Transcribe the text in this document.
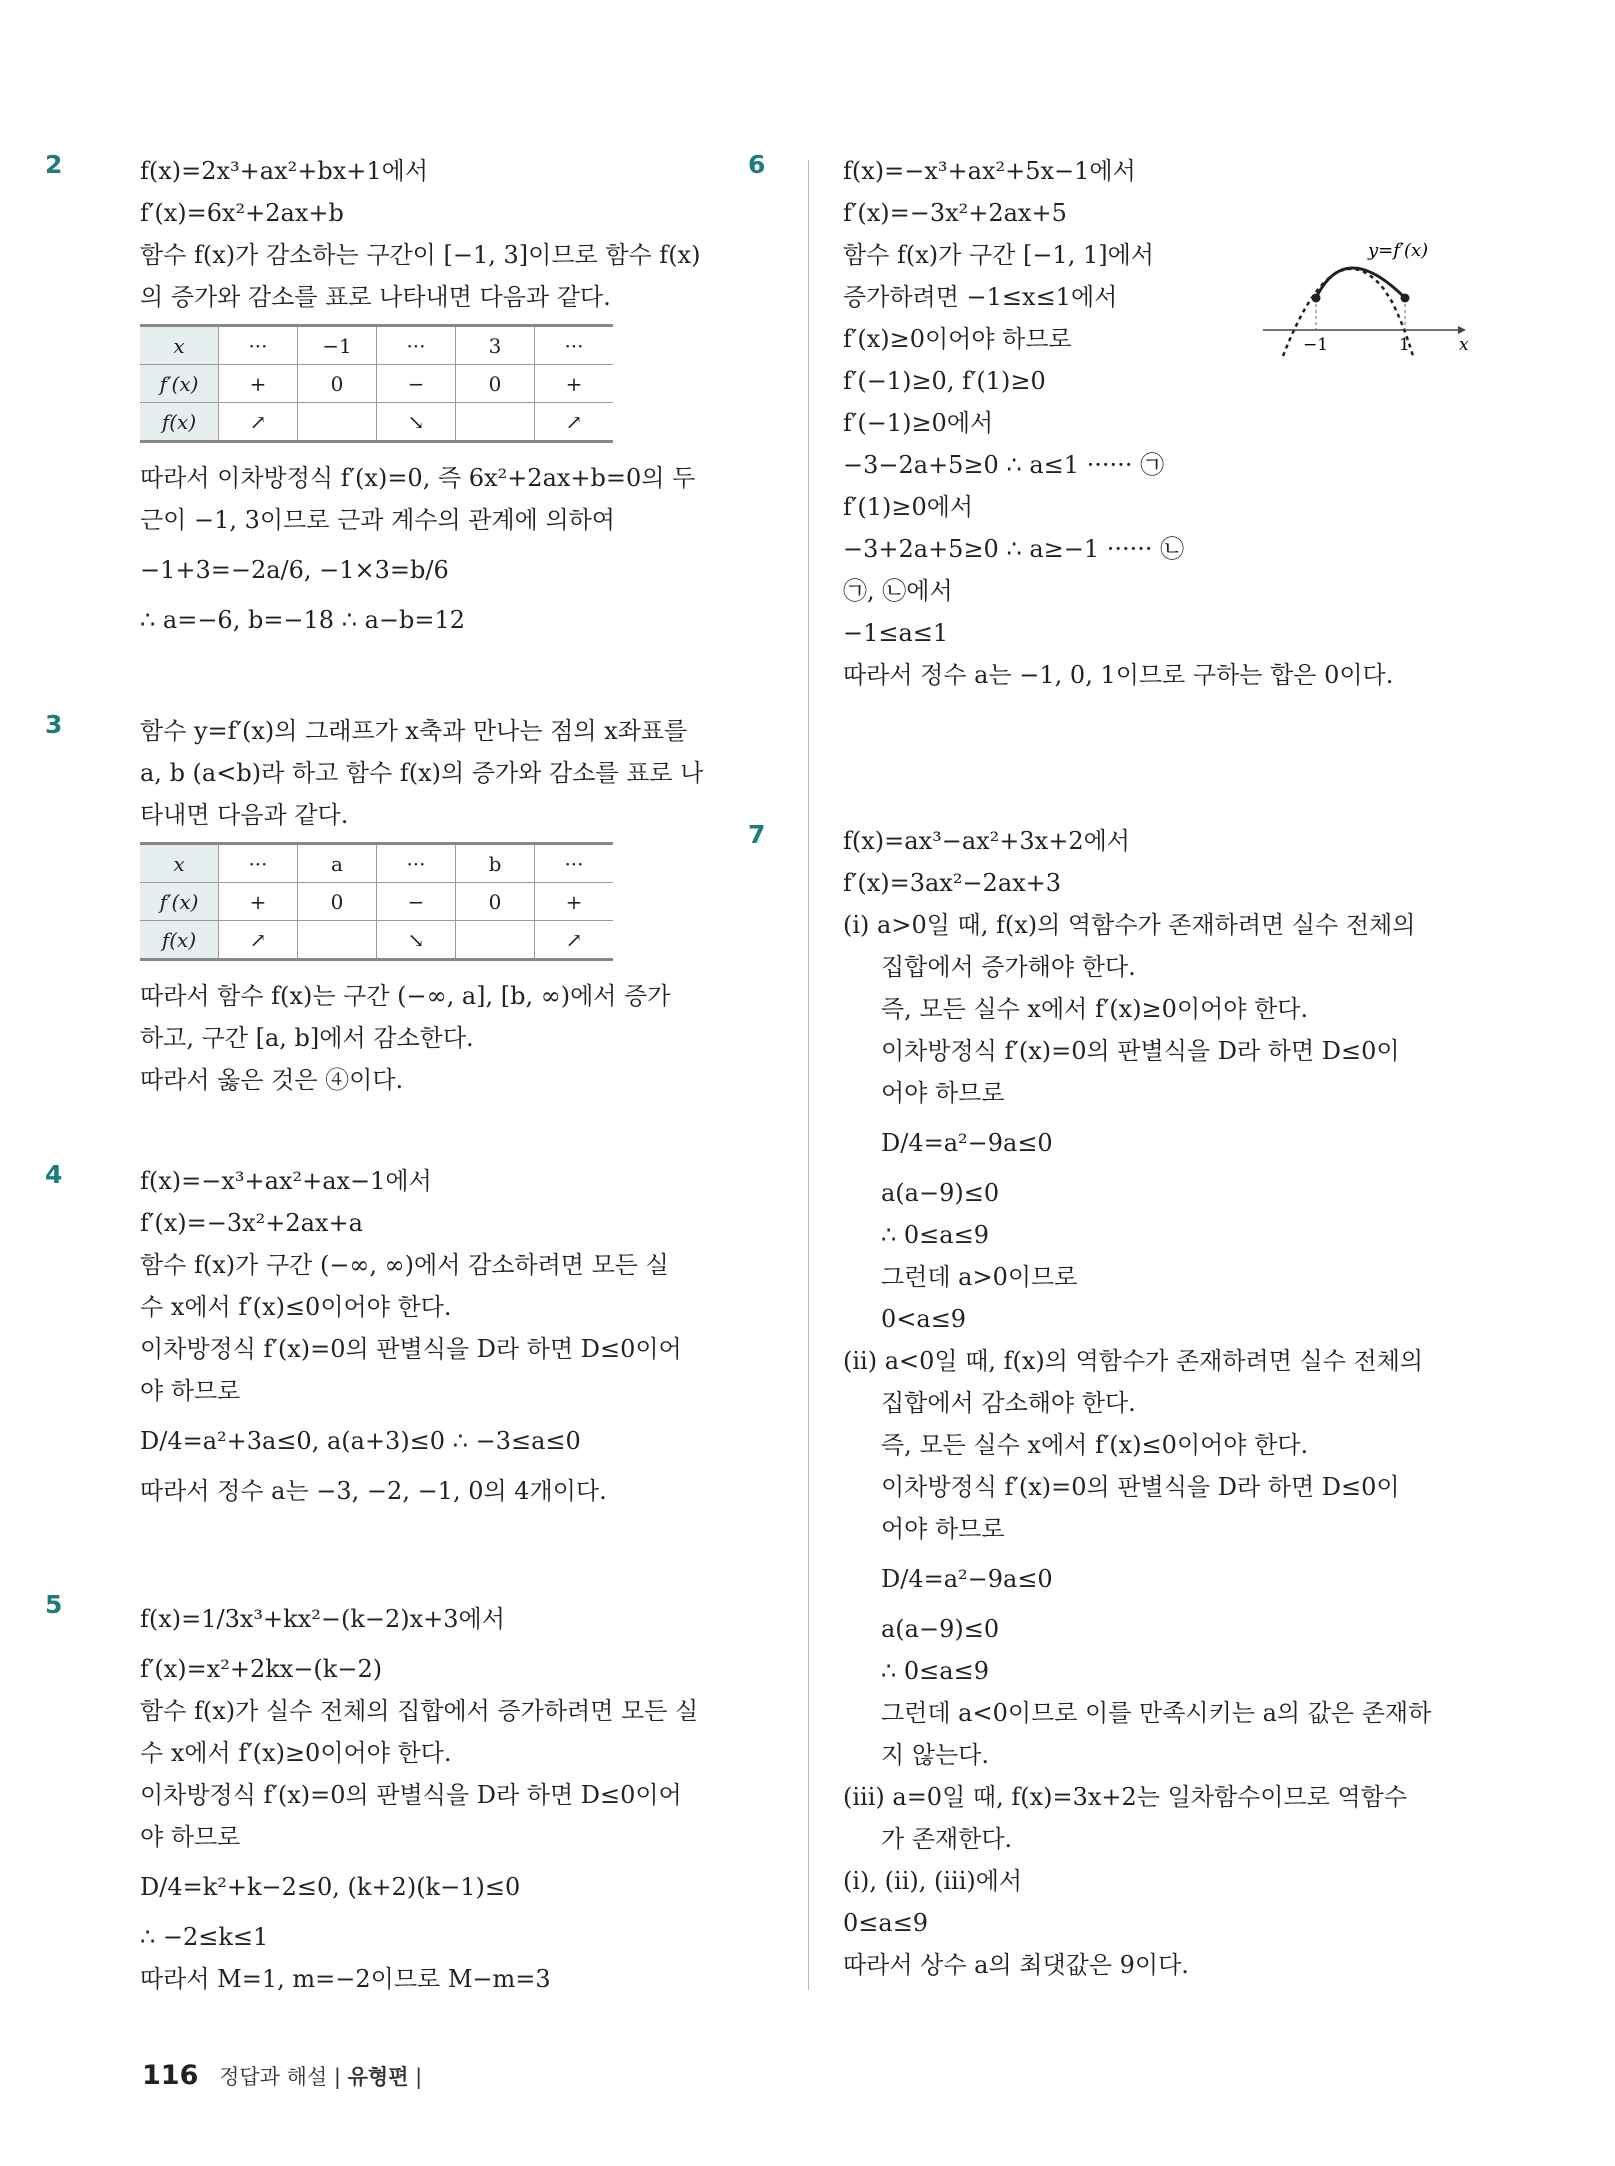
2	f(x)=2x³+ax²+bx+1에서
f′(x)=6x²+2ax+b
함수 f(x)가 감소하는 구간이 [−1, 3]이므로 함수 f(x)
의 증가와 감소를 표로 나타내면 다음과 같다.
x	···	−1	···	3	···
f′(x)	+	0	−	0	+
f(x)	↗		↘		↗
따라서 이차방정식 f′(x)=0, 즉 6x²+2ax+b=0의 두
근이 −1, 3이므로 근과 계수의 관계에 의하여
−1+3=−2a/6, −1×3=b/6
∴ a=−6, b=−18 ∴ a−b=12
3	함수 y=f′(x)의 그래프가 x축과 만나는 점의 x좌표를
a, b (a<b)라 하고 함수 f(x)의 증가와 감소를 표로 나
타내면 다음과 같다.
x	···	a	···	b	···
f′(x)	+	0	−	0	+
f(x)	↗		↘		↗
따라서 함수 f(x)는 구간 (−∞, a], [b, ∞)에서 증가
하고, 구간 [a, b]에서 감소한다.
따라서 옳은 것은 ④이다.
4	f(x)=−x³+ax²+ax−1에서
f′(x)=−3x²+2ax+a
함수 f(x)가 구간 (−∞, ∞)에서 감소하려면 모든 실
수 x에서 f′(x)≤0이어야 한다.
이차방정식 f′(x)=0의 판별식을 D라 하면 D≤0이어
야 하므로
D/4=a²+3a≤0, a(a+3)≤0 ∴ −3≤a≤0
따라서 정수 a는 −3, −2, −1, 0의 4개이다.
5	f(x)=1/3x³+kx²−(k−2)x+3에서
f′(x)=x²+2kx−(k−2)
함수 f(x)가 실수 전체의 집합에서 증가하려면 모든 실
수 x에서 f′(x)≥0이어야 한다.
이차방정식 f′(x)=0의 판별식을 D라 하면 D≤0이어
야 하므로
D/4=k²+k−2≤0, (k+2)(k−1)≤0
∴ −2≤k≤1
따라서 M=1, m=−2이므로 M−m=3
6	f(x)=−x³+ax²+5x−1에서
f′(x)=−3x²+2ax+5
함수 f(x)가 구간 [−1, 1]에서
증가하려면 −1≤x≤1에서
f′(x)≥0이어야 하므로
f′(−1)≥0, f′(1)≥0
f′(−1)≥0에서
−3−2a+5≥0 ∴ a≤1 ······ ㉠
f′(1)≥0에서
−3+2a+5≥0 ∴ a≥−1 ······ ㉡
㉠, ㉡에서
−1≤a≤1
따라서 정수 a는 −1, 0, 1이므로 구하는 합은 0이다.
y=f′(x)
−1	1	x
7	f(x)=ax³−ax²+3x+2에서
f′(x)=3ax²−2ax+3
(i) a>0일 때, f(x)의 역함수가 존재하려면 실수 전체의
집합에서 증가해야 한다.
즉, 모든 실수 x에서 f′(x)≥0이어야 한다.
이차방정식 f′(x)=0의 판별식을 D라 하면 D≤0이
어야 하므로
D/4=a²−9a≤0
a(a−9)≤0
∴ 0≤a≤9
그런데 a>0이므로
0<a≤9
(ii) a<0일 때, f(x)의 역함수가 존재하려면 실수 전체의
집합에서 감소해야 한다.
즉, 모든 실수 x에서 f′(x)≤0이어야 한다.
이차방정식 f′(x)=0의 판별식을 D라 하면 D≤0이
어야 하므로
D/4=a²−9a≤0
a(a−9)≤0
∴ 0≤a≤9
그런데 a<0이므로 이를 만족시키는 a의 값은 존재하
지 않는다.
(iii) a=0일 때, f(x)=3x+2는 일차함수이므로 역함수
가 존재한다.
(i), (ii), (iii)에서
0≤a≤9
따라서 상수 a의 최댓값은 9이다.
116 정답과 해설 | 유형편 |
